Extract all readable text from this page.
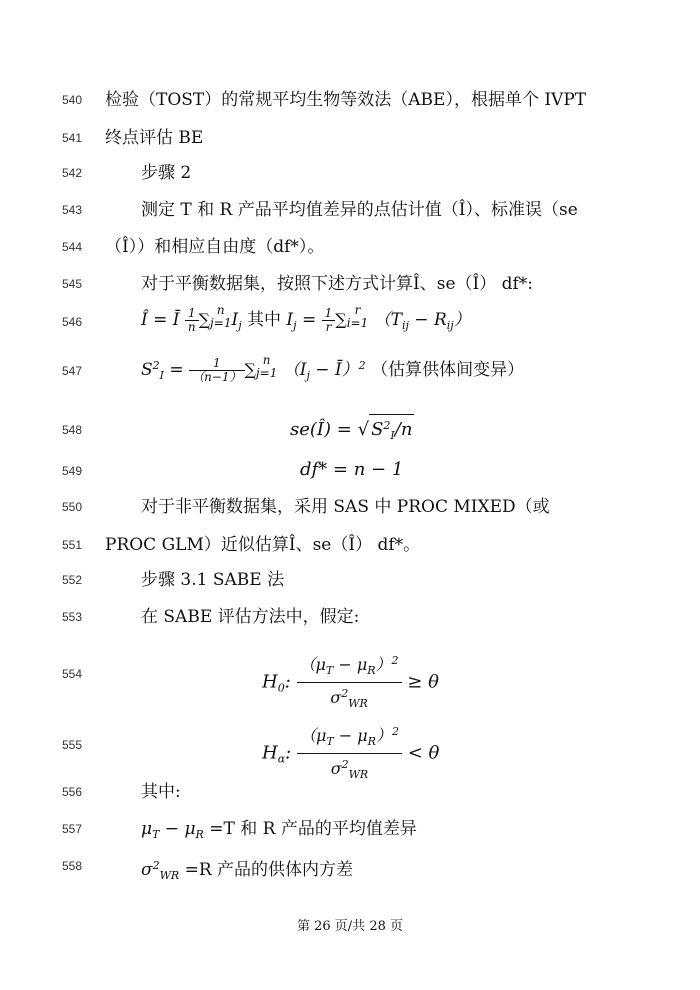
540
541
542
543
544
545
546
547
548
549
550
551
552
553
554
555
556
557
558
检验（TOST）的常规平均生物等效法（ABE），根据单个 IVPT
终点评估 BE
步骤 2
测定 T 和 R 产品平均值差异的点估计值（Î）、标准误（se
（Î））和相应自由度（df*）。
对于平衡数据集，按照下述方式计算Î、se（Î） df*:
Î = Ī $\frac{1}{n}$ ∑ n
j=1 $I_j$ 其中 $I_j = \frac{1}{r}$ ∑ r
i=1 $(T_{ij} - R_{ij})$
$S^2_I = \frac{1}{(n-1)}$ ∑ n
j=1 （$I_j$ − Ī）$^2$ （估算供体间变异）
se(Î) = √ $S^2_I/n$
df* = n − 1
对于非平衡数据集，采用 SAS 中 PROC MIXED（或
PROC GLM）近似估算Î、se（Î） df*。
步骤 3.1 SABE 法
在 SABE 评估方法中，假定:
$H_0$: $\frac{(\mu_T - \mu_R)^2}{\sigma^2_{WR}} \ge \theta$
$H_\alpha$: $\frac{(\mu_T - \mu_R)^2}{\sigma^2_{WR}} < \theta$
其中:
$\mu_T - \mu_R =T$ 和 R 产品的平均值差异
$\sigma^2_{WR} =R$ 产品的供体内方差
第 26 页/共 28 页
